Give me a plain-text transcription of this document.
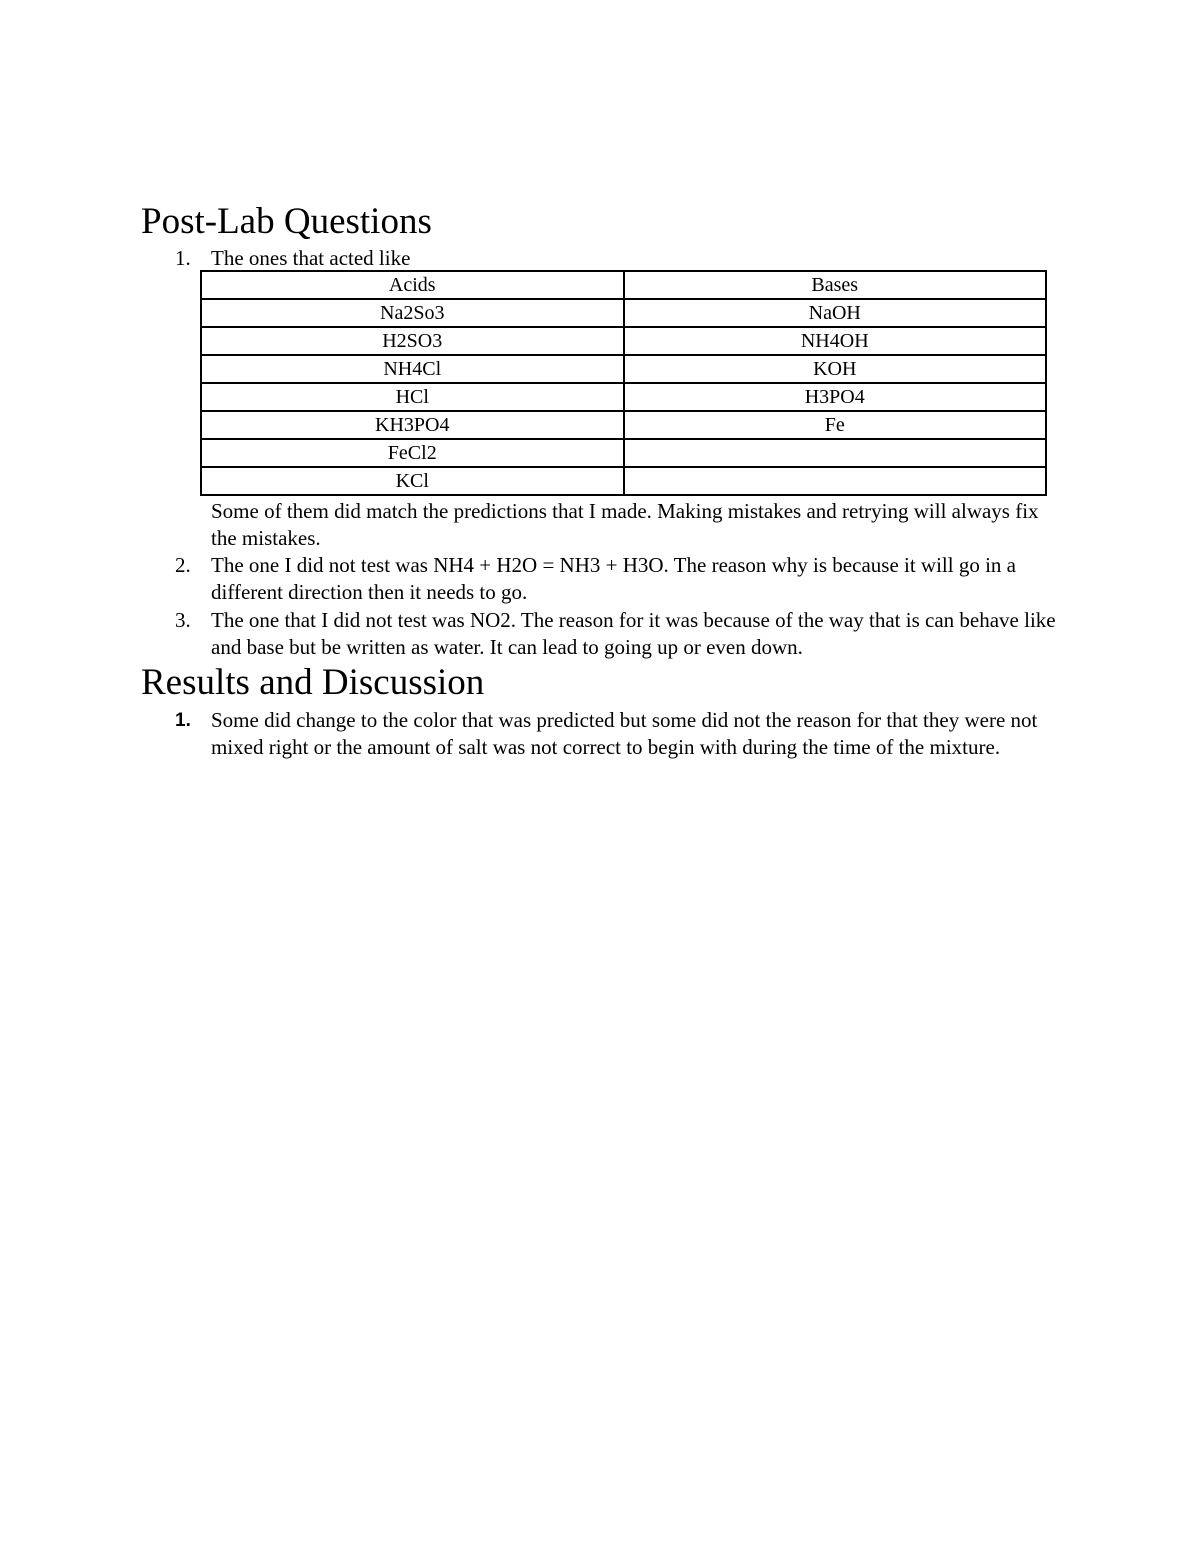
Post-Lab Questions
1. The ones that acted like
Acids	Bases
Na2So3	NaOH
H2SO3	NH4OH
NH4Cl	KOH
HCl	H3PO4
KH3PO4	Fe
FeCl2	
KCl	
Some of them did match the predictions that I made. Making mistakes and retrying will always fix the mistakes.
2. The one I did not test was NH4 + H2O = NH3 + H3O. The reason why is because it will go in a different direction then it needs to go.
3. The one that I did not test was NO2. The reason for it was because of the way that is can behave like and base but be written as water. It can lead to going up or even down.
Results and Discussion
1. Some did change to the color that was predicted but some did not the reason for that they were not mixed right or the amount of salt was not correct to begin with during the time of the mixture.
